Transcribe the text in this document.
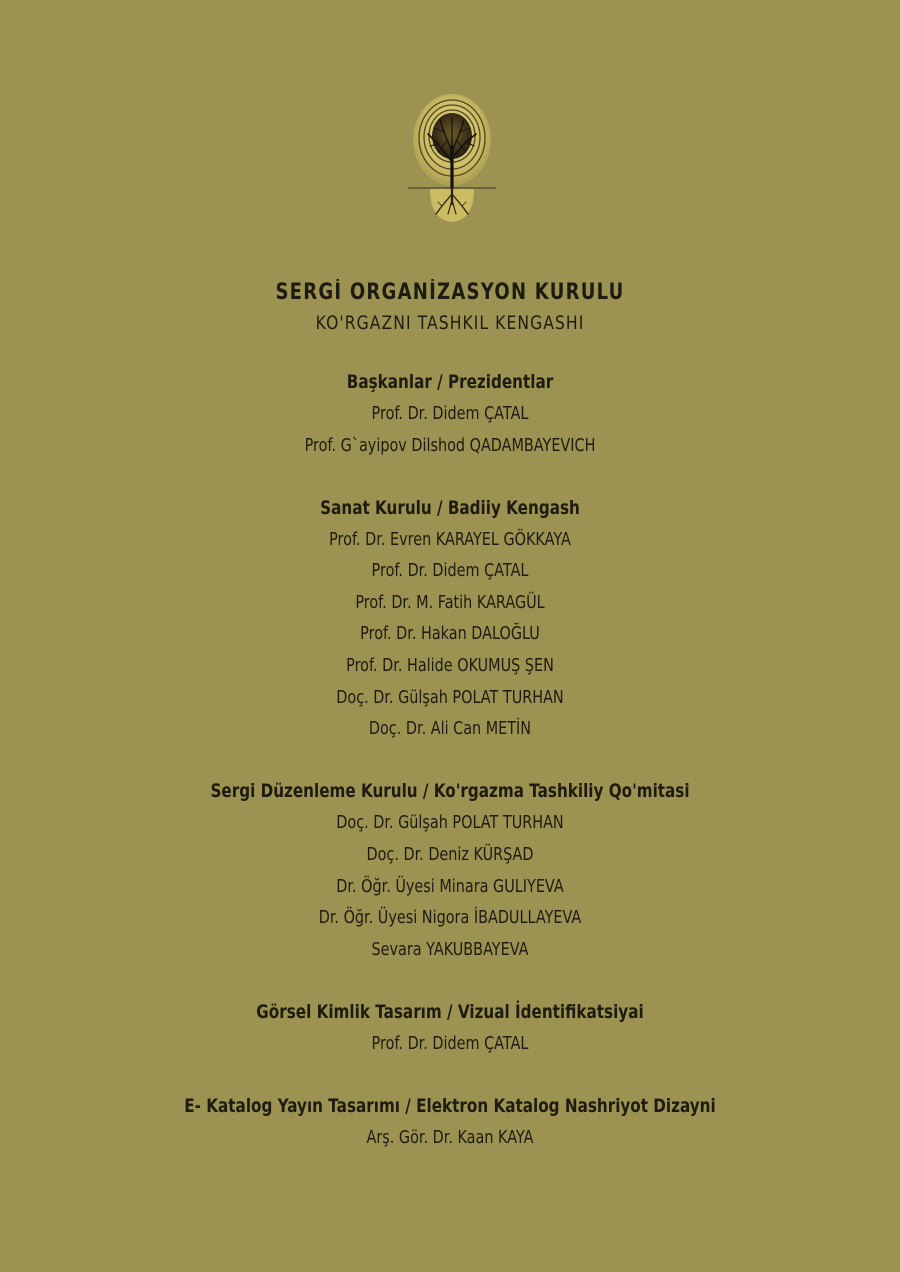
SERGİ ORGANİZASYON KURULU
KO'RGAZNI TASHKIL KENGASHI
Başkanlar / Prezidentlar
Prof. Dr. Didem ÇATAL
Prof. G`ayipov Dilshod QADAMBAYEVICH
Sanat Kurulu / Badiiy Kengash
Prof. Dr. Evren KARAYEL GÖKKAYA
Prof. Dr. Didem ÇATAL
Prof. Dr. M. Fatih KARAGÜL
Prof. Dr. Hakan DALOĞLU
Prof. Dr. Halide OKUMUŞ ŞEN
Doç. Dr. Gülşah POLAT TURHAN
Doç. Dr. Ali Can METİN
Sergi Düzenleme Kurulu / Ko'rgazma Tashkiliy Qo'mitasi
Doç. Dr. Gülşah POLAT TURHAN
Doç. Dr. Deniz KÜRŞAD
Dr. Öğr. Üyesi Minara GULIYEVA
Dr. Öğr. Üyesi Nigora İBADULLAYEVA
Sevara YAKUBBAYEVA
Görsel Kimlik Tasarım / Vizual İdentifikatsiyai
Prof. Dr. Didem ÇATAL
E- Katalog Yayın Tasarımı / Elektron Katalog Nashriyot Dizayni
Arş. Gör. Dr. Kaan KAYA
